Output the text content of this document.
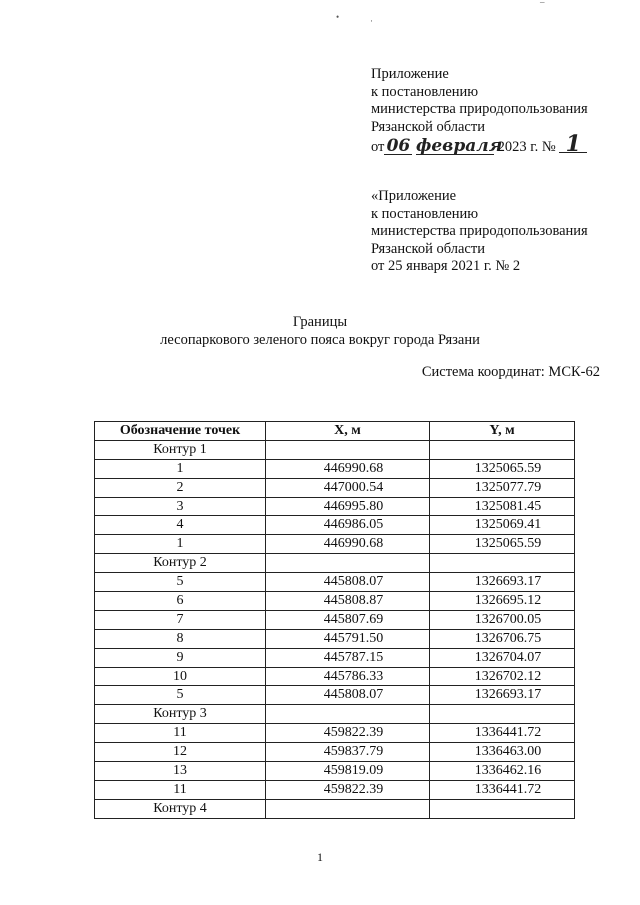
•	·
–
Приложение
к постановлению
министерства природопользования
Рязанской области
от 06 февраля 2023 г. № 1
«Приложение
к постановлению
министерства природопользования
Рязанской области
от 25 января 2021 г. № 2
Границы
лесопаркового зеленого пояса вокруг города Рязани
Система координат: МСК-62
Обозначение точек	X, м	Y, м
Контур 1		
1	446990.68	1325065.59
2	447000.54	1325077.79
3	446995.80	1325081.45
4	446986.05	1325069.41
1	446990.68	1325065.59
Контур 2		
5	445808.07	1326693.17
6	445808.87	1326695.12
7	445807.69	1326700.05
8	445791.50	1326706.75
9	445787.15	1326704.07
10	445786.33	1326702.12
5	445808.07	1326693.17
Контур 3		
11	459822.39	1336441.72
12	459837.79	1336463.00
13	459819.09	1336462.16
11	459822.39	1336441.72
Контур 4		
1
